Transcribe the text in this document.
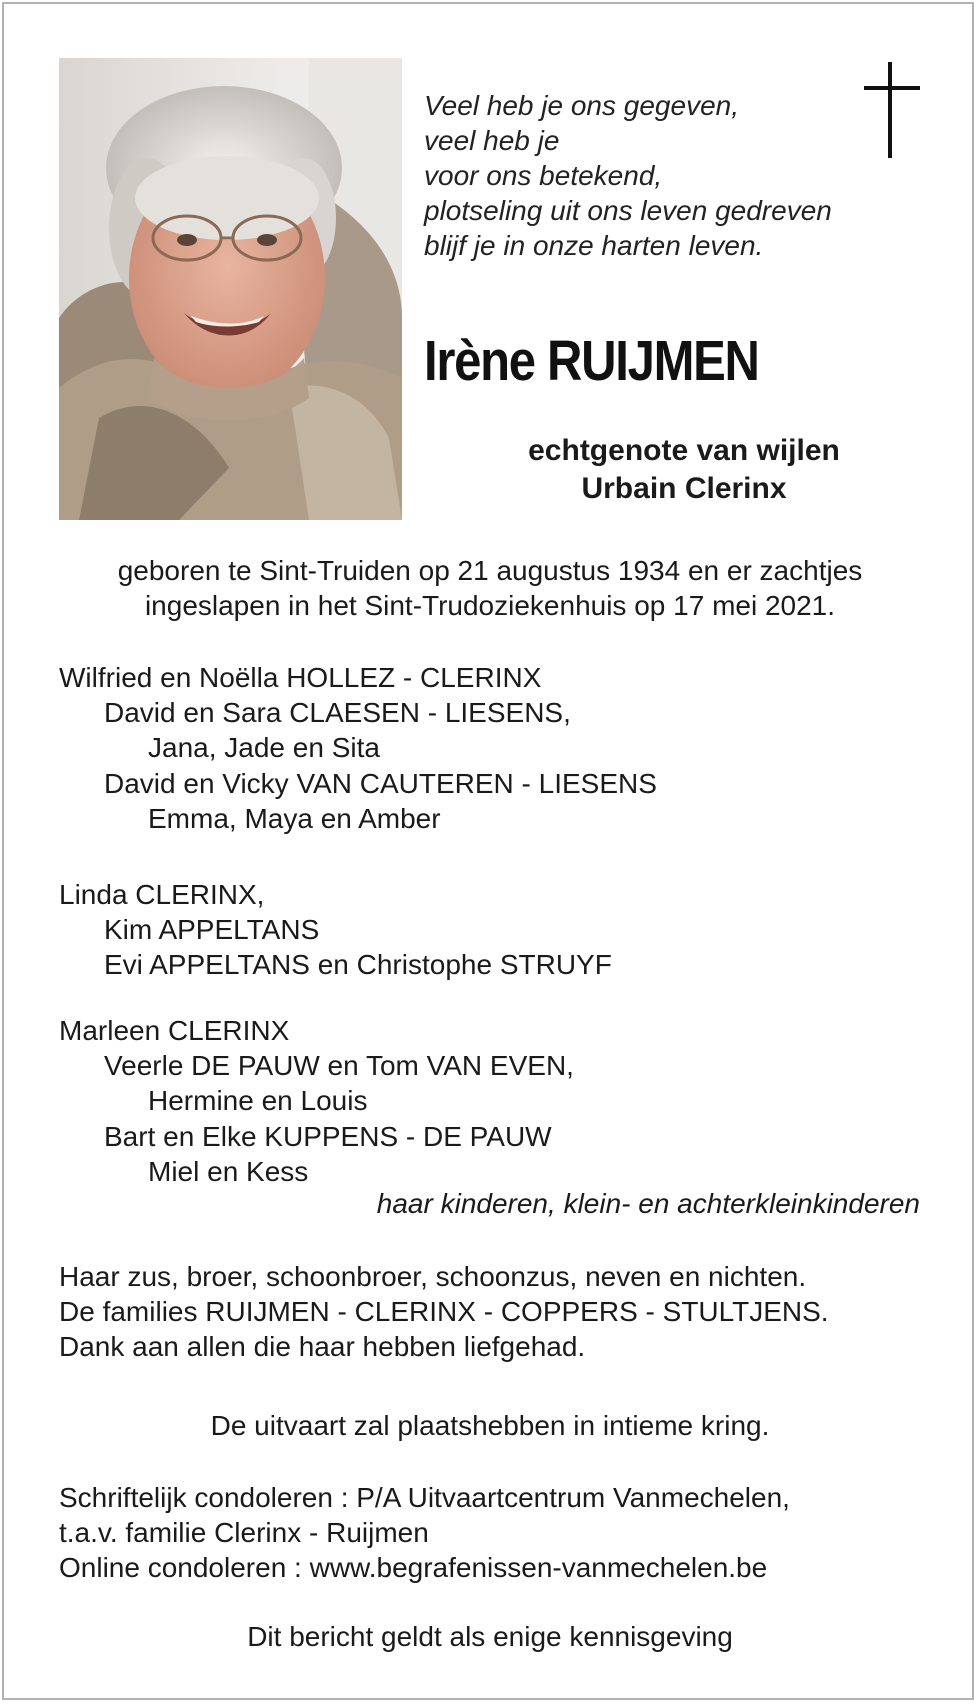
Veel heb je ons gegeven,
veel heb je
voor ons betekend,
plotseling uit ons leven gedreven
blijf je in onze harten leven.
Irène RUIJMEN
echtgenote van wijlen
Urbain Clerinx
geboren te Sint-Truiden op 21 augustus 1934 en er zachtjes
ingeslapen in het Sint-Trudoziekenhuis op 17 mei 2021.
Wilfried en Noëlla HOLLEZ - CLERINX
David en Sara CLAESEN - LIESENS,
Jana, Jade en Sita
David en Vicky VAN CAUTEREN - LIESENS
Emma, Maya en Amber
Linda CLERINX,
Kim APPELTANS
Evi APPELTANS en Christophe STRUYF
Marleen CLERINX
Veerle DE PAUW en Tom VAN EVEN,
Hermine en Louis
Bart en Elke KUPPENS - DE PAUW
Miel en Kess
haar kinderen, klein- en achterkleinkinderen
Haar zus, broer, schoonbroer, schoonzus, neven en nichten.
De families RUIJMEN - CLERINX - COPPERS - STULTJENS.
Dank aan allen die haar hebben liefgehad.
De uitvaart zal plaatshebben in intieme kring.
Schriftelijk condoleren : P/A Uitvaartcentrum Vanmechelen,
t.a.v. familie Clerinx - Ruijmen
Online condoleren : www.begrafenissen-vanmechelen.be
Dit bericht geldt als enige kennisgeving
